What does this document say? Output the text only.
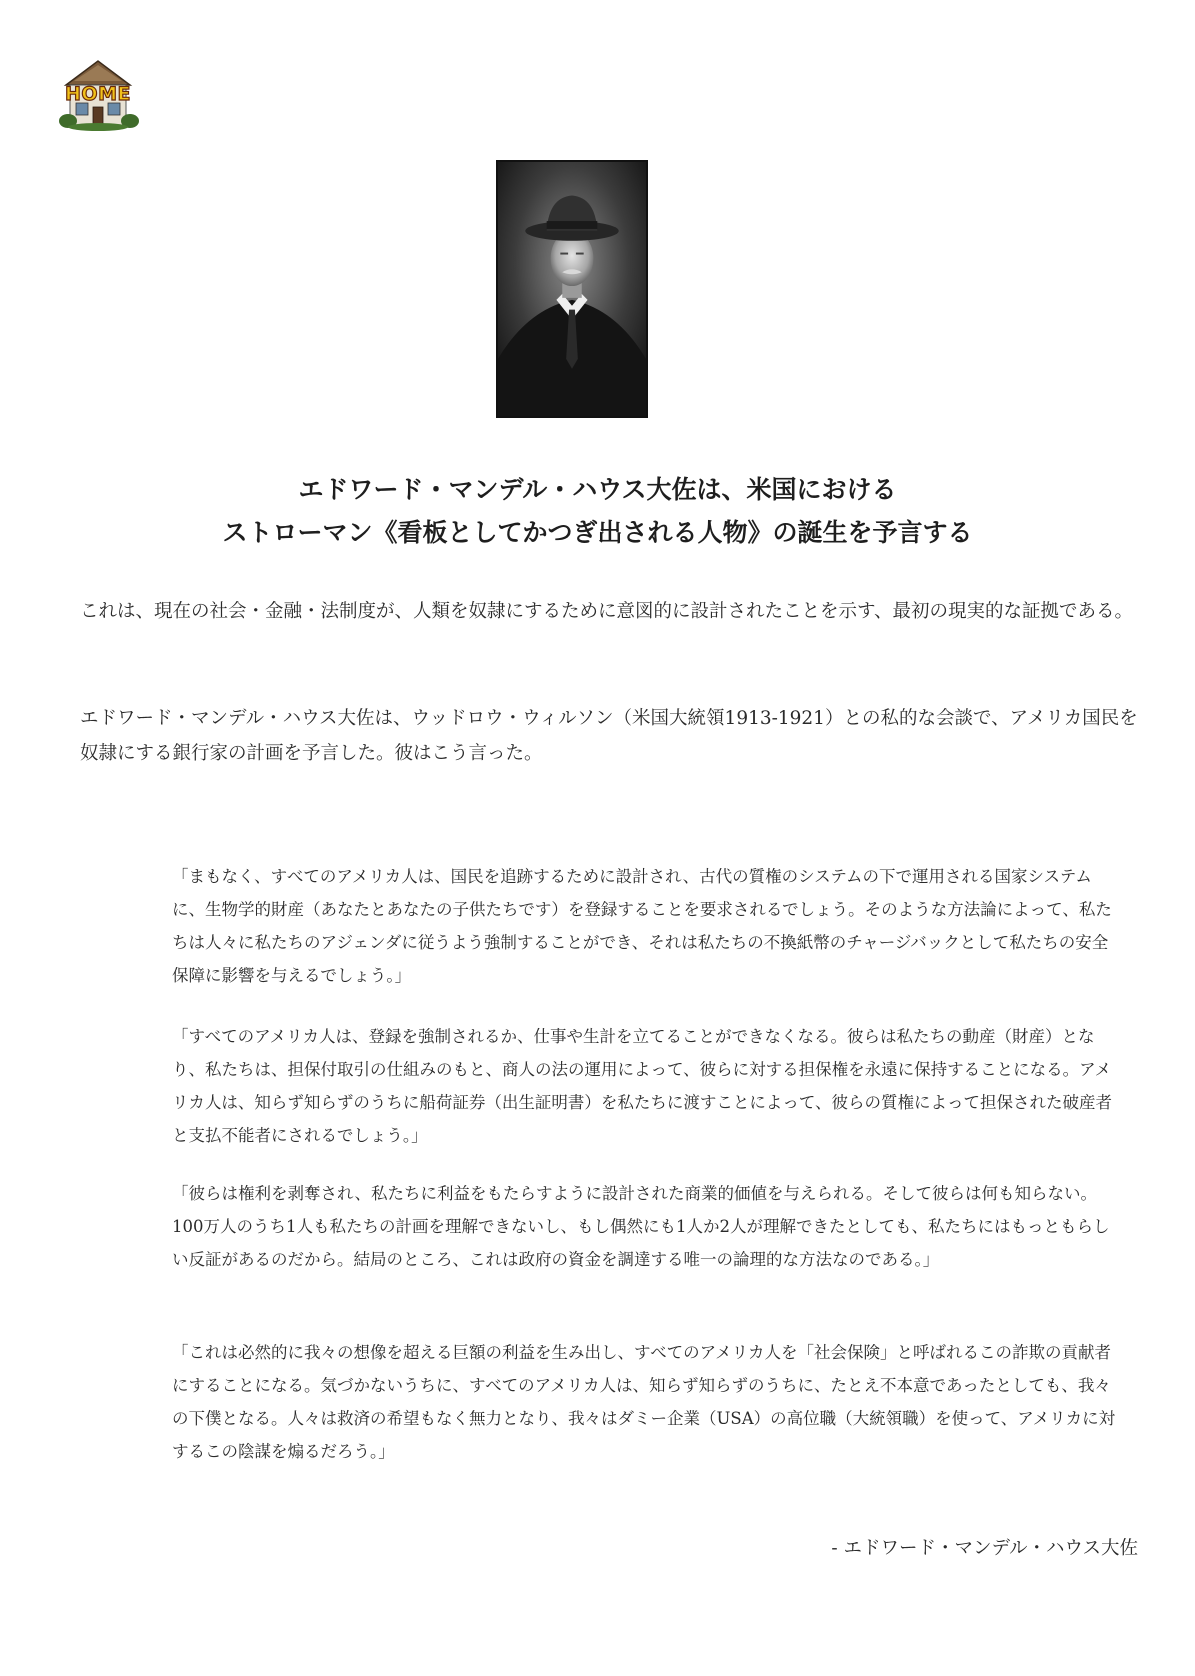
HOME
エドワード・マンデル・ハウス大佐は、米国における
ストローマン《看板としてかつぎ出される人物》の誕生を予言する

これは、現在の社会・金融・法制度が、人類を奴隷にするために意図的に設計されたことを示す、最初の現実的な証拠である。

エドワード・マンデル・ハウス大佐は、ウッドロウ・ウィルソン（米国大統領1913-1921）との私的な会談で、アメリカ国民を奴隷にする銀行家の計画を予言した。彼はこう言った。

「まもなく、すべてのアメリカ人は、国民を追跡するために設計され、古代の質権のシステムの下で運用される国家システムに、生物学的財産（あなたとあなたの子供たちです）を登録することを要求されるでしょう。そのような方法論によって、私たちは人々に私たちのアジェンダに従うよう強制することができ、それは私たちの不換紙幣のチャージバックとして私たちの安全保障に影響を与えるでしょう。」

「すべてのアメリカ人は、登録を強制されるか、仕事や生計を立てることができなくなる。彼らは私たちの動産（財産）となり、私たちは、担保付取引の仕組みのもと、商人の法の運用によって、彼らに対する担保権を永遠に保持することになる。アメリカ人は、知らず知らずのうちに船荷証券（出生証明書）を私たちに渡すことによって、彼らの質権によって担保された破産者と支払不能者にされるでしょう。」

「彼らは権利を剥奪され、私たちに利益をもたらすように設計された商業的価値を与えられる。そして彼らは何も知らない。100万人のうち1人も私たちの計画を理解できないし、もし偶然にも1人か2人が理解できたとしても、私たちにはもっともらしい反証があるのだから。結局のところ、これは政府の資金を調達する唯一の論理的な方法なのである。」

「これは必然的に我々の想像を超える巨額の利益を生み出し、すべてのアメリカ人を「社会保険」と呼ばれるこの詐欺の貢献者にすることになる。気づかないうちに、すべてのアメリカ人は、知らず知らずのうちに、たとえ不本意であったとしても、我々の下僕となる。人々は救済の希望もなく無力となり、我々はダミー企業（USA）の高位職（大統領職）を使って、アメリカに対するこの陰謀を煽るだろう。」

- エドワード・マンデル・ハウス大佐
